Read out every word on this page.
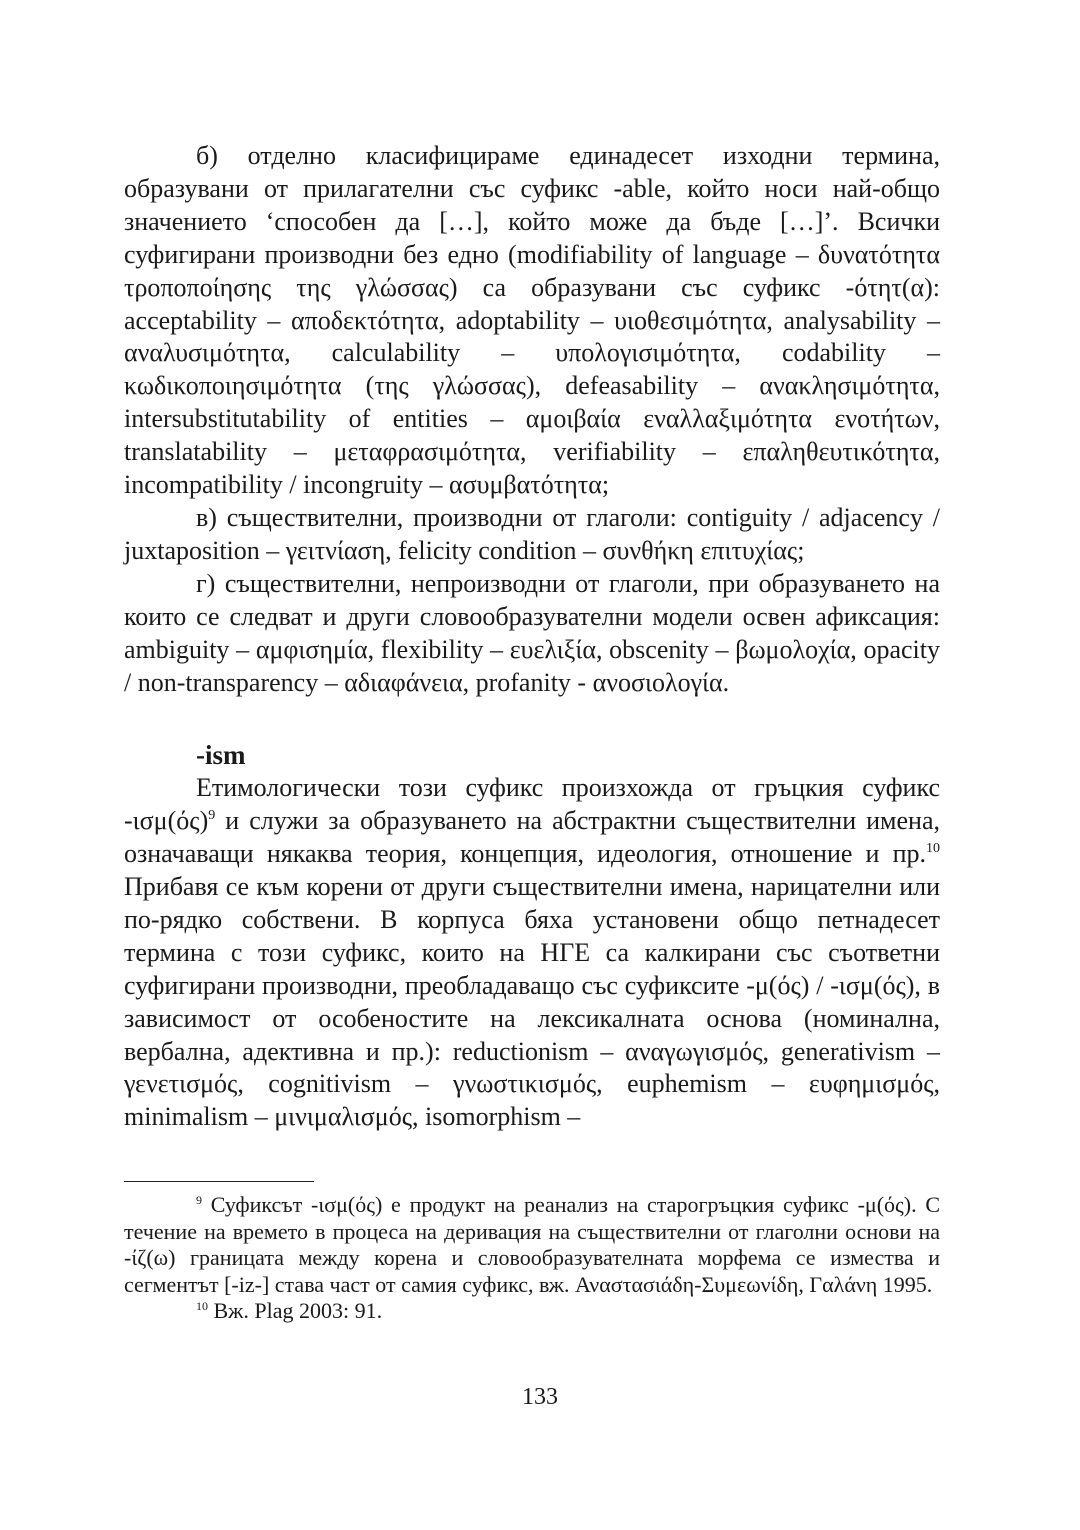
б) отделно класифицираме единадесет изходни термина, образувани от прилагателни със суфикс -able, който носи най-общо значението ‘способен да […], който може да бъде […]’. Всички суфигирани производни без едно (modifiability of language – δυνατότητα τροποποίησης της γλώσσας) са образувани със суфикс -ότητ(α): acceptability – αποδεκτότητα, adoptability – υιοθεσιμότητα, analysability – αναλυσιμότητα, calculability – υπολογισιμότητα, codability – κωδικοποιησιμότητα (της γλώσσας), defeasability – ανακλησιμότητα, intersubstitutability of entities – αμοιβαία εναλλαξιμότητα ενοτήτων, translatability – μεταφρασιμότητα, verifiability – επαληθευτικότητα, incompatibility / incongruity – ασυμβατότητα;

в) съществителни, производни от глаголи: contiguity / adjacency / juxtaposition – γειτνίαση, felicity condition – συνθήκη επιτυχίας;

г) съществителни, непроизводни от глаголи, при образуването на които се следват и други словообразувателни модели освен афиксация: ambiguity – αμφισημία, flexibility – ευελιξία, obscenity – βωμολοχία, opacity / non-transparency – αδιαφάνεια, profanity - ανοσιολογία.

-ism

Етимологически този суфикс произхожда от гръцкия суфикс $-\iota\sigma\mu(ό\varsigma)^9$ и служи за образуването на абстрактни съществителни имена, означаващи някаква теория, концепция, идеология, отношение и пр.$^{10}$ Прибавя се към корени от други съществителни имена, нарицателни или по-рядко собствени. В корпуса бяха установени общо петнадесет термина с този суфикс, които на НГЕ са калкирани със съответни суфигирани производни, преобладаващо със суфиксите -μ(ός) / -ισμ(ός), в зависимост от особеностите на лексикалната основа (номинална, вербална, адективна и пр.): reductionism – αναγωγισμός, generativism – γενετισμός, cognitivism – γνωστικισμός, euphemism – ευφημισμός, minimalism – μινιμαλισμός, isomorphism –

$^9$ Суфиксът -ισμ(ός) е продукт на реанализ на старогръцкия суфикс -μ(ός). С течение на времето в процеса на деривация на съществителни от глаголни основи на -ίζ(ω) границата между корена и словообразувателната морфема се измества и сегментът [-iz-] става част от самия суфикс, вж. Αναστασιάδη-Συμεωνίδη, Γαλάνη 1995.

$^{10}$ Вж. Plag 2003: 91.

133
